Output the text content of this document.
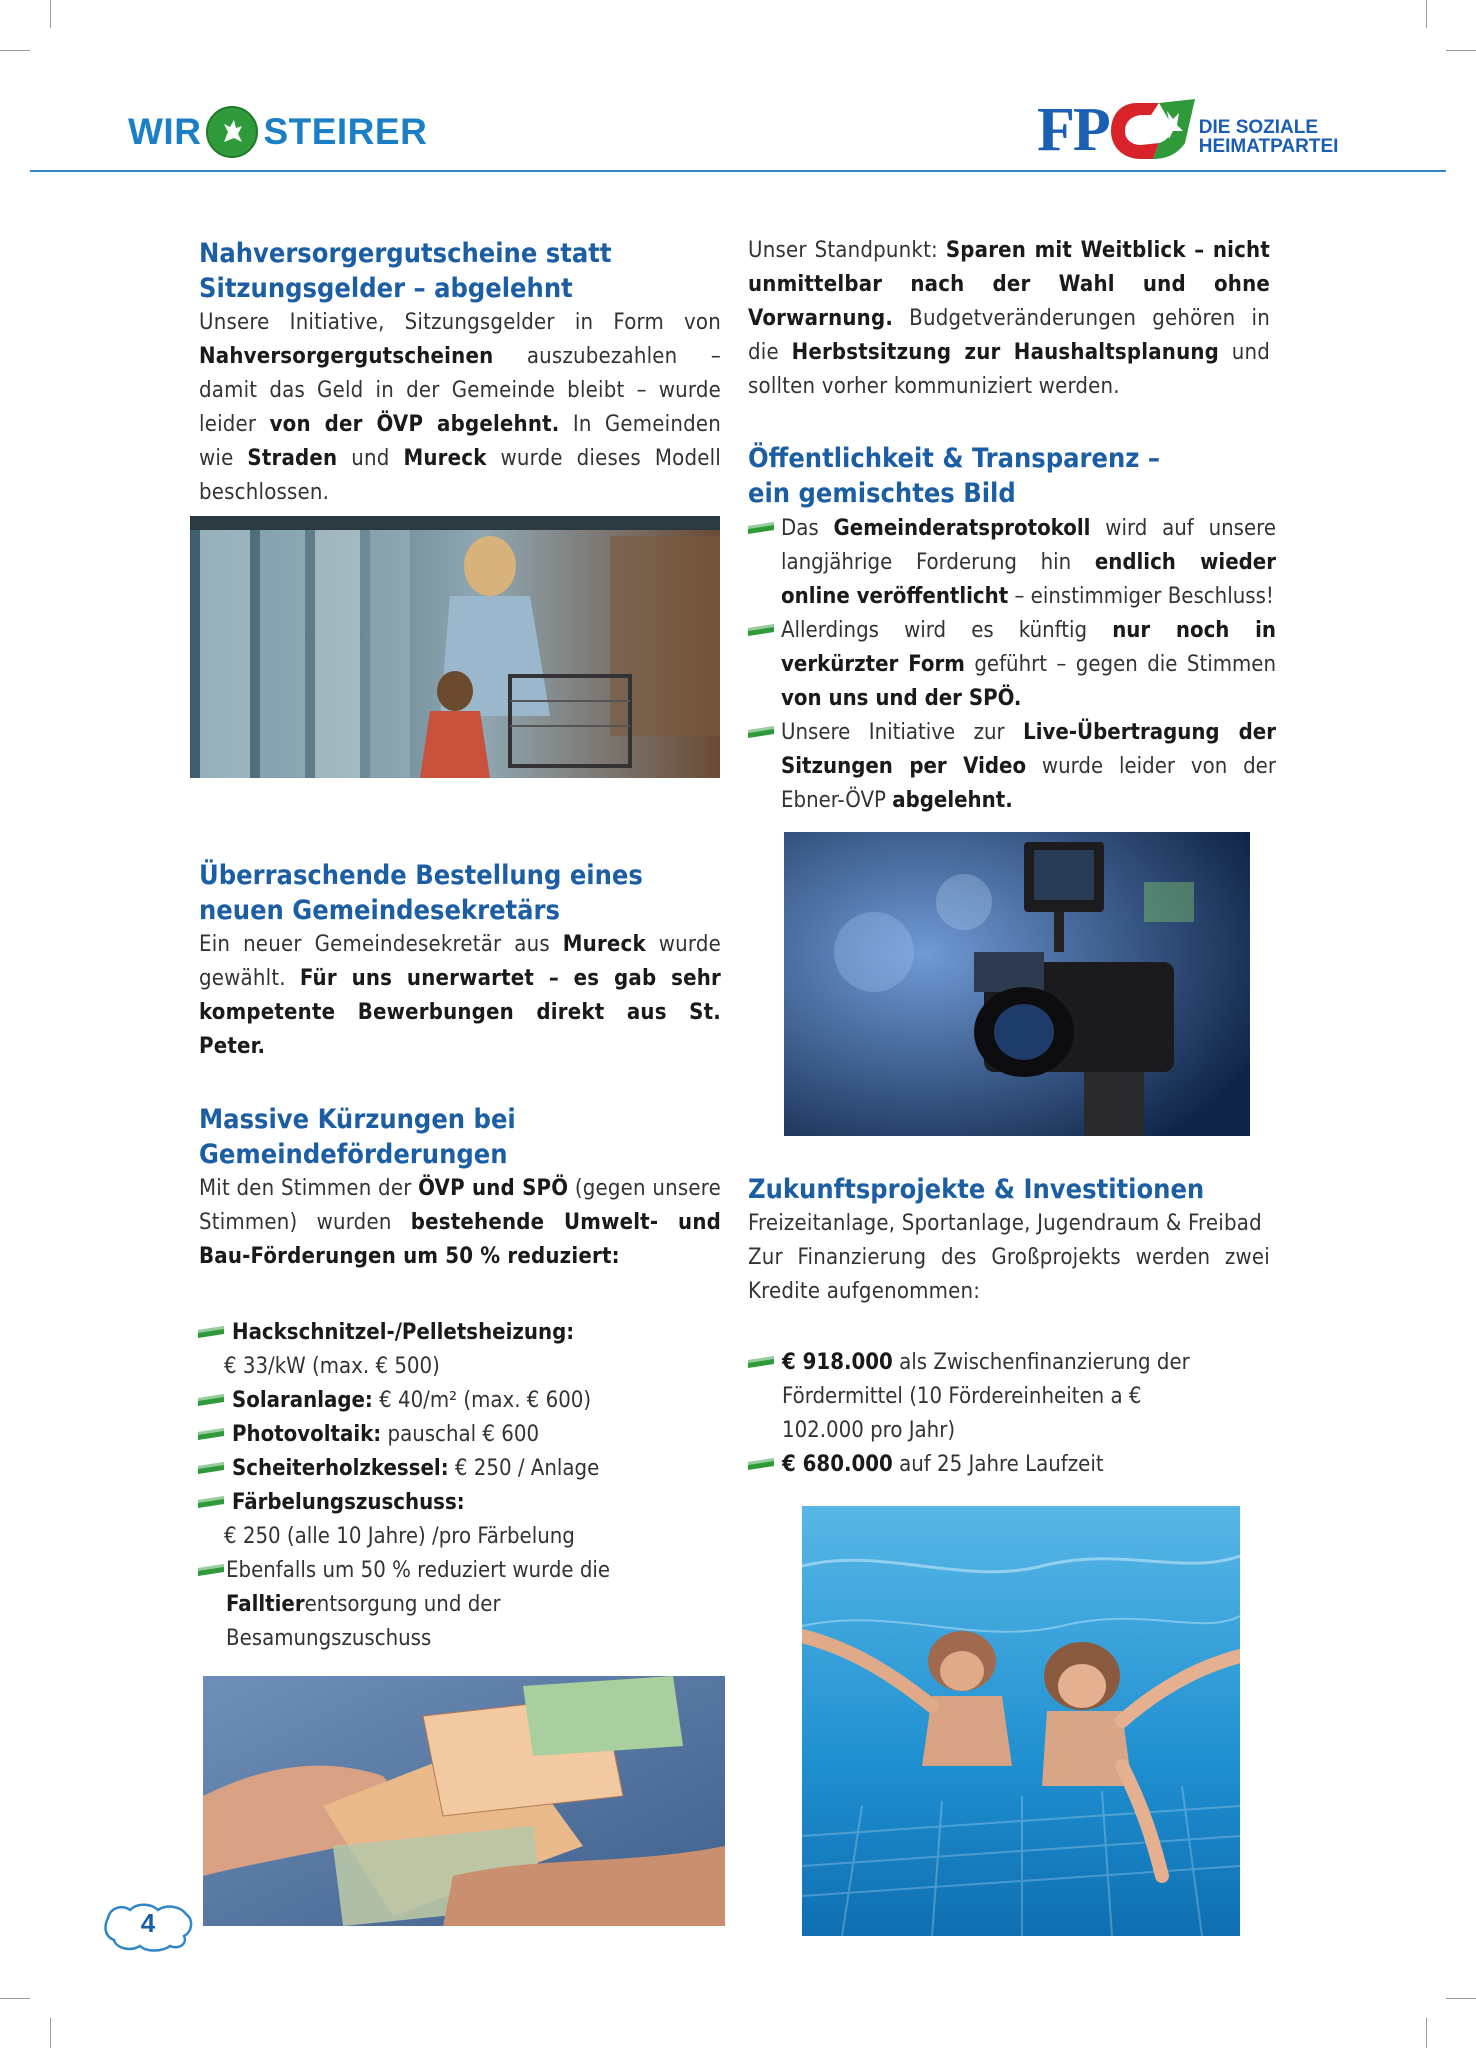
WIR STEIRER	FP	DIE SOZIALE
HEIMATPARTEI
Nahversorgergutscheine statt
Sitzungsgelder – abgelehnt

Unsere Initiative, Sitzungsgelder in Form von Nahversorgergutscheinen auszubezahlen – damit das Geld in der Gemeinde bleibt – wurde leider von der ÖVP abgelehnt. In Gemeinden wie Straden und Mureck wurde dieses Modell beschlossen.

Überraschende Bestellung eines
neuen Gemeindesekretärs

Ein neuer Gemeindesekretär aus Mureck wurde gewählt. Für uns unerwartet – es gab sehr kompetente Bewerbungen direkt aus St. Peter.

Massive Kürzungen bei
Gemeindeförderungen

Mit den Stimmen der ÖVP und SPÖ (gegen unsere Stimmen) wurden bestehende Umwelt- und Bau-Förderungen um 50 % reduziert:

Hackschnitzel-/Pelletsheizung:
€ 33/kW (max. € 500)
Solaranlage: € 40/m² (max. € 600)
Photovoltaik: pauschal € 600
Scheiterholzkessel: € 250 / Anlage
Färbelungszuschuss:
€ 250 (alle 10 Jahre) /pro Färbelung
Ebenfalls um 50 % reduziert wurde die
Falltierentsorgung und der
Besamungszuschuss

Unser Standpunkt: Sparen mit Weitblick – nicht unmittelbar nach der Wahl und ohne Vorwarnung. Budgetveränderungen gehören in die Herbstsitzung zur Haushaltsplanung und sollten vorher kommuniziert werden.

Öffentlichkeit & Transparenz –
ein gemischtes Bild
Das Gemeinderatsprotokoll wird auf unsere langjährige Forderung hin endlich wieder online veröffentlicht – einstimmiger Beschluss!
Allerdings wird es künftig nur noch in verkürzter Form geführt – gegen die Stimmen von uns und der SPÖ.
Unsere Initiative zur Live-Übertragung der Sitzungen per Video wurde leider von der Ebner-ÖVP abgelehnt.
Zukunftsprojekte & Investitionen

Freizeitanlage, Sportanlage, Jugendraum & Freibad

Zur Finanzierung des Großprojekts werden zwei Kredite aufgenommen:

€ 918.000 als Zwischenfinanzierung der Fördermittel (10 Fördereinheiten a € 102.000 pro Jahr)
€ 680.000 auf 25 Jahre Laufzeit
4
